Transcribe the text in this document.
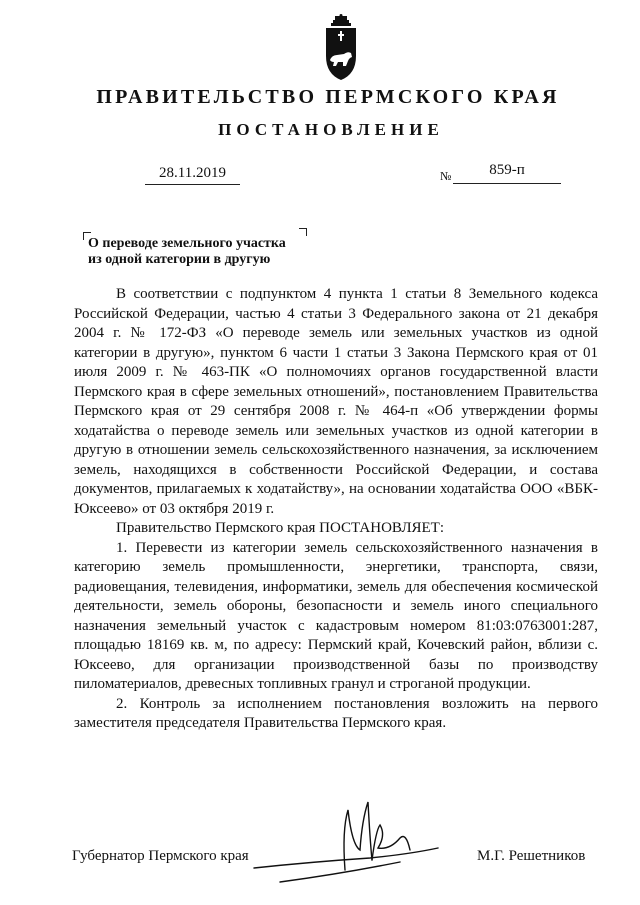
ПРАВИТЕЛЬСТВО ПЕРМСКОГО КРАЯ
ПОСТАНОВЛЕНИЕ
28.11.2019	№	859-п
О переводе земельного участка
из одной категории в другую

В соответствии с подпунктом 4 пункта 1 статьи 8 Земельного кодекса Российской Федерации, частью 4 статьи 3 Федерального закона от 21 декабря 2004 г. № 172-ФЗ «О переводе земель или земельных участков из одной категории в другую», пунктом 6 части 1 статьи 3 Закона Пермского края от 01 июля 2009 г. № 463-ПК «О полномочиях органов государственной власти Пермского края в сфере земельных отношений», постановлением Правительства Пермского края от 29 сентября 2008 г. № 464-п «Об утверждении формы ходатайства о переводе земель или земельных участков из одной категории в другую в отношении земель сельскохозяйственного назначения, за исключением земель, находящихся в собственности Российской Федерации, и состава документов, прилагаемых к ходатайству», на основании ходатайства ООО «ВБК-Юксеево» от 03 октября 2019 г.

Правительство Пермского края ПОСТАНОВЛЯЕТ:

1. Перевести из категории земель сельскохозяйственного назначения в категорию земель промышленности, энергетики, транспорта, связи, радиовещания, телевидения, информатики, земель для обеспечения космической деятельности, земель обороны, безопасности и земель иного специального назначения земельный участок с кадастровым номером 81:03:0763001:287, площадью 18169 кв. м, по адресу: Пермский край, Кочевский район, вблизи с. Юксеево, для организации производственной базы по производству пиломатериалов, древесных топливных гранул и строганой продукции.

2. Контроль за исполнением постановления возложить на первого заместителя председателя Правительства Пермского края.

Губернатор Пермского края	М.Г. Решетников
